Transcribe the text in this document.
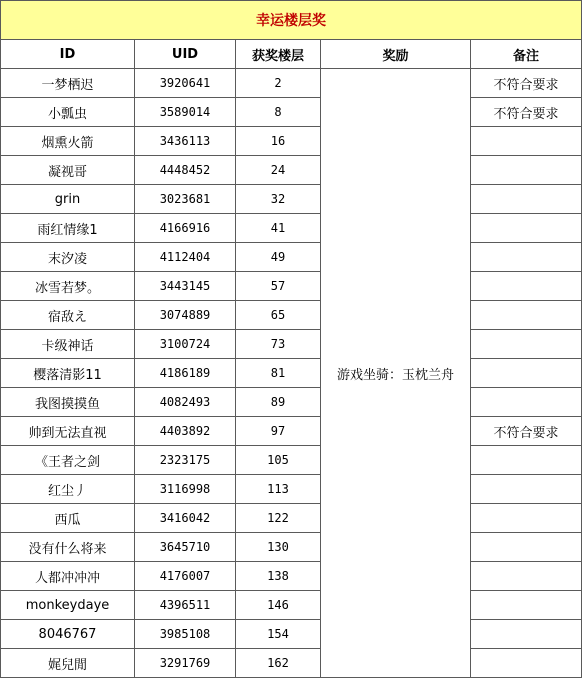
幸运楼层奖				
ID	UID	获奖楼层	奖励	备注
一梦栖迟	3920641	2	游戏坐骑：玉枕兰舟	不符合要求
小瓢虫	3589014	8		不符合要求
烟熏火箭	3436113	16		
凝视哥	4448452	24		
grin	3023681	32		
雨红情缘1	4166916	41		
末汐凌	4112404	49		
冰雪若梦。	3443145	57		
宿敌え	3074889	65		
卡级神话	3100724	73		
樱落清影11	4186189	81		
我图摸摸鱼	4082493	89		
帅到无法直视	4403892	97		不符合要求
《王者之剑	2323175	105		
红尘丿	3116998	113		
西瓜	3416042	122		
没有什么将来	3645710	130		
人都冲冲冲	4176007	138		
monkeydaye	4396511	146		
8046767	3985108	154		
娓兒閒	3291769	162		
